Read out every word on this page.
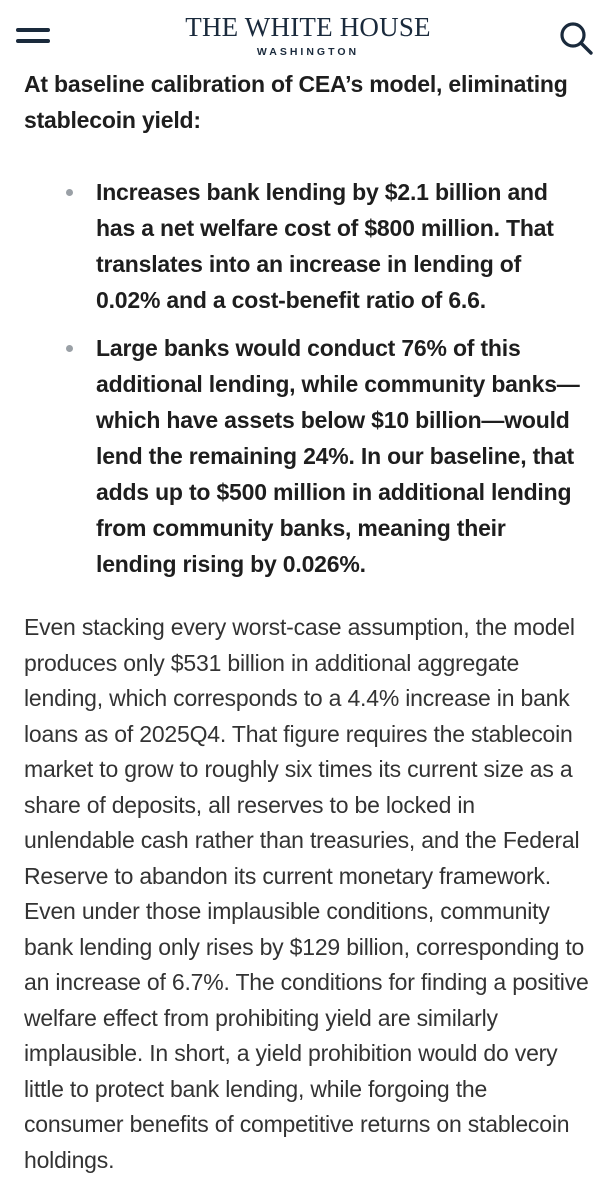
THE WHITE HOUSE
WASHINGTON

At baseline calibration of CEA’s model, eliminating stablecoin yield:

Increases bank lending by $2.1 billion and has a net welfare cost of $800 million. That translates into an increase in lending of 0.02% and a cost-benefit ratio of 6.6.
Large banks would conduct 76% of this additional lending, while community banks—which have assets below $10 billion—would lend the remaining 24%. In our baseline, that adds up to $500 million in additional lending from community banks, meaning their lending rising by 0.026%.

Even stacking every worst-case assumption, the model produces only $531 billion in additional aggregate lending, which corresponds to a 4.4% increase in bank loans as of 2025Q4. That figure requires the stablecoin market to grow to roughly six times its current size as a share of deposits, all reserves to be locked in unlendable cash rather than treasuries, and the Federal Reserve to abandon its current monetary framework. Even under those implausible conditions, community bank lending only rises by $129 billion, corresponding to an increase of 6.7%. The conditions for finding a positive welfare effect from prohibiting yield are similarly implausible. In short, a yield prohibition would do very little to protect bank lending, while forgoing the consumer benefits of competitive returns on stablecoin holdings.
